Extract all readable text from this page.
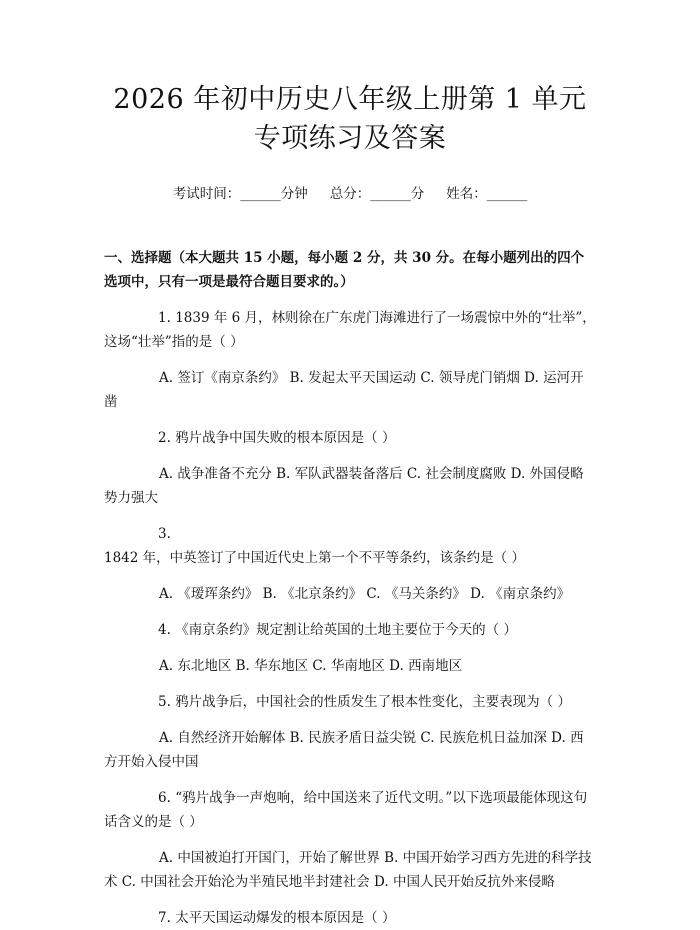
2026 年初中历史八年级上册第 1 单元专项练习及答案
考试时间：______分钟 总分：______分 姓名：______
一、选择题（本大题共 15 小题，每小题 2 分，共 30 分。在每小题列出的四个选项中，只有一项是最符合题目要求的。）

1. 1839 年 6 月，林则徐在广东虎门海滩进行了一场震惊中外的“壮举”，这场“壮举”指的是（ ）

A. 签订《南京条约》 B. 发起太平天国运动 C. 领导虎门销烟 D. 运河开凿

2. 鸦片战争中国失败的根本原因是（ ）

A. 战争准备不充分 B. 军队武器装备落后 C. 社会制度腐败 D. 外国侵略势力强大

3. 1842 年，中英签订了中国近代史上第一个不平等条约，该条约是（ ）

A. 《瑷珲条约》 B. 《北京条约》 C. 《马关条约》 D. 《南京条约》

4. 《南京条约》规定割让给英国的土地主要位于今天的（ ）

A. 东北地区 B. 华东地区 C. 华南地区 D. 西南地区

5. 鸦片战争后，中国社会的性质发生了根本性变化，主要表现为（ ）

A. 自然经济开始解体 B. 民族矛盾日益尖锐 C. 民族危机日益加深 D. 西方开始入侵中国

6. “鸦片战争一声炮响，给中国送来了近代文明。”以下选项最能体现这句话含义的是（ ）

A. 中国被迫打开国门，开始了解世界 B. 中国开始学习西方先进的科学技术 C. 中国社会开始沦为半殖民地半封建社会 D. 中国人民开始反抗外来侵略

7. 太平天国运动爆发的根本原因是（ ）
